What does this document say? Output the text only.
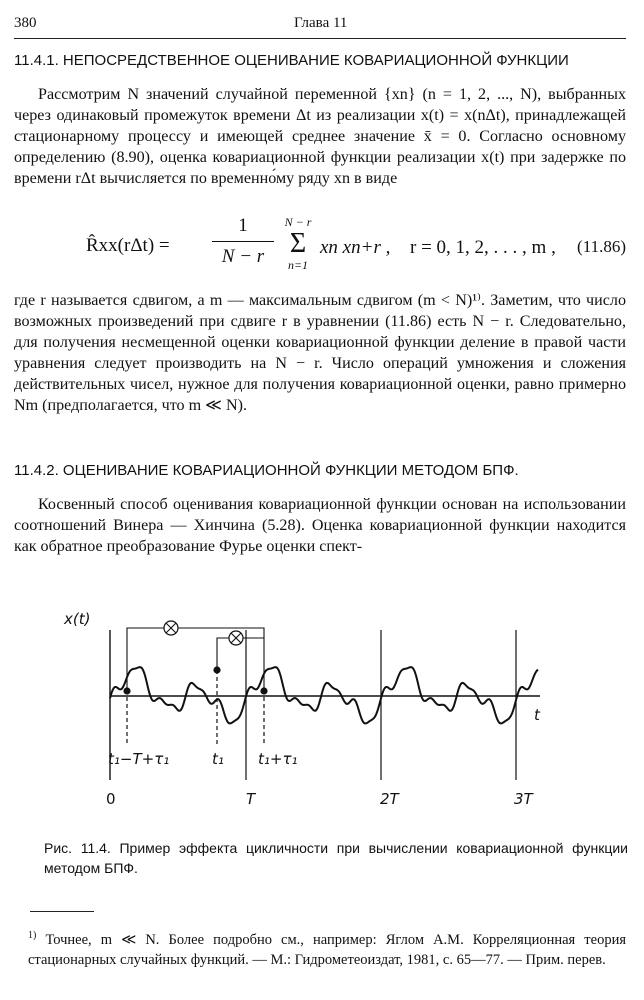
380	Глава 11
11.4.1. НЕПОСРЕДСТВЕННОЕ ОЦЕНИВАНИЕ КОВАРИАЦИОННОЙ ФУНКЦИИ

Рассмотрим N значений случайной переменной {xn} (n = 1, 2, ..., N), выбранных через одинаковый промежуток времени Δt из реализации x(t) = x(nΔt), принадлежащей стационарному процессу и имеющей среднее значение x̄ = 0. Согласно основному определению (8.90), оценка ковариационной функции реализации x(t) при задержке по времени rΔt вычисляется по временно́му ряду xn в виде

R̂xx(rΔt) =
1
N − r
N − r
Σ
n=1
xn xn+r , r = 0, 1, 2, . . . , m , (11.86)

где r называется сдвигом, а m — максимальным сдвигом (m < N)¹⁾. Заметим, что число возможных произведений при сдвиге r в уравнении (11.86) есть N − r. Следовательно, для получения несмещенной оценки ковариационной функции деление в правой части уравнения следует производить на N − r. Число операций умножения и сложения действительных чисел, нужное для получения ковариационной оценки, равно примерно Nm (предполагается, что m ≪ N).

11.4.2. ОЦЕНИВАНИЕ КОВАРИАЦИОННОЙ ФУНКЦИИ МЕТОДОМ БПФ.

Косвенный способ оценивания ковариационной функции основан на использовании соотношений Винера — Хинчина (5.28). Оценка ковариационной функции находится как обратное преобразование Фурье оценки спект-

x(t)
t
t₁−T+τ₁	t₁ t₁+τ₁
T	2T	3T
0
Рис. 11.4. Пример эффекта цикличности при вычислении ковариационной функции методом БПФ.
$^{1)}$ Точнее, m ≪ N. Более подробно см., например: Яглом А.М. Корреляционная теория стационарных случайных функций. — М.: Гидрометеоиздат, 1981, с. 65—77. — Прим. перев.
